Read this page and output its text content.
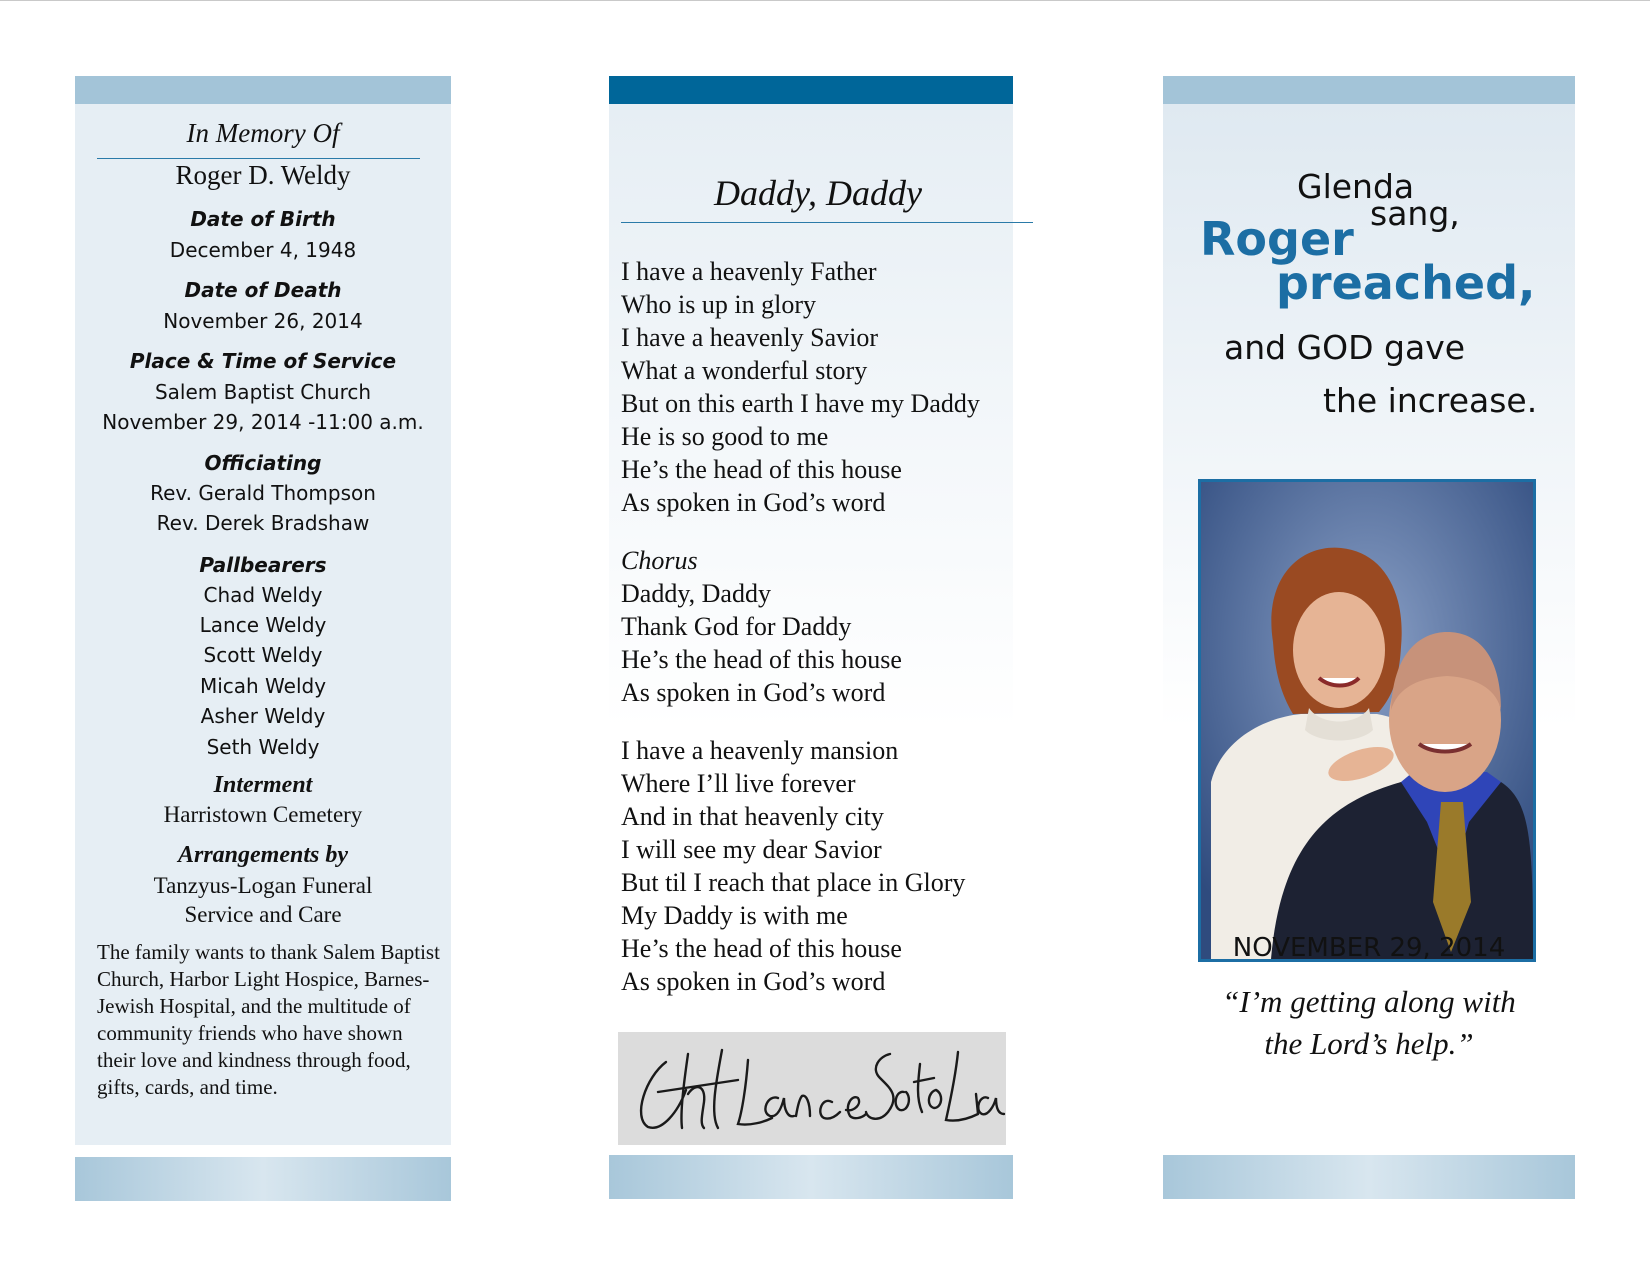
In Memory Of
Roger D. Weldy
Date of Birth
December 4, 1948
Date of Death
November 26, 2014
Place & Time of Service
Salem Baptist Church
November 29, 2014 -11:00 a.m.
Officiating
Rev. Gerald Thompson
Rev. Derek Bradshaw
Pallbearers
Chad Weldy
Lance Weldy
Scott Weldy
Micah Weldy
Asher Weldy
Seth Weldy
Interment
Harristown Cemetery
Arrangements by
Tanzyus-Logan Funeral
Service and Care
The family wants to thank Salem Baptist Church, Harbor Light Hospice, Barnes-Jewish Hospital, and the multitude of community friends who have shown their love and kindness through food, gifts, cards, and time.
Daddy, Daddy
I have a heavenly Father
Who is up in glory
I have a heavenly Savior
What a wonderful story
But on this earth I have my Daddy
He is so good to me
He’s the head of this house
As spoken in God’s word
Chorus
Daddy, Daddy
Thank God for Daddy
He’s the head of this house
As spoken in God’s word
I have a heavenly mansion
Where I’ll live forever
And in that heavenly city
I will see my dear Savior
But til I reach that place in Glory
My Daddy is with me
He’s the head of this house
As spoken in God’s word
Glenda
sang,
Roger
preached,
and GOD gave
the increase.
NOVEMBER 29, 2014
“I’m getting along with
the Lord’s help.”
